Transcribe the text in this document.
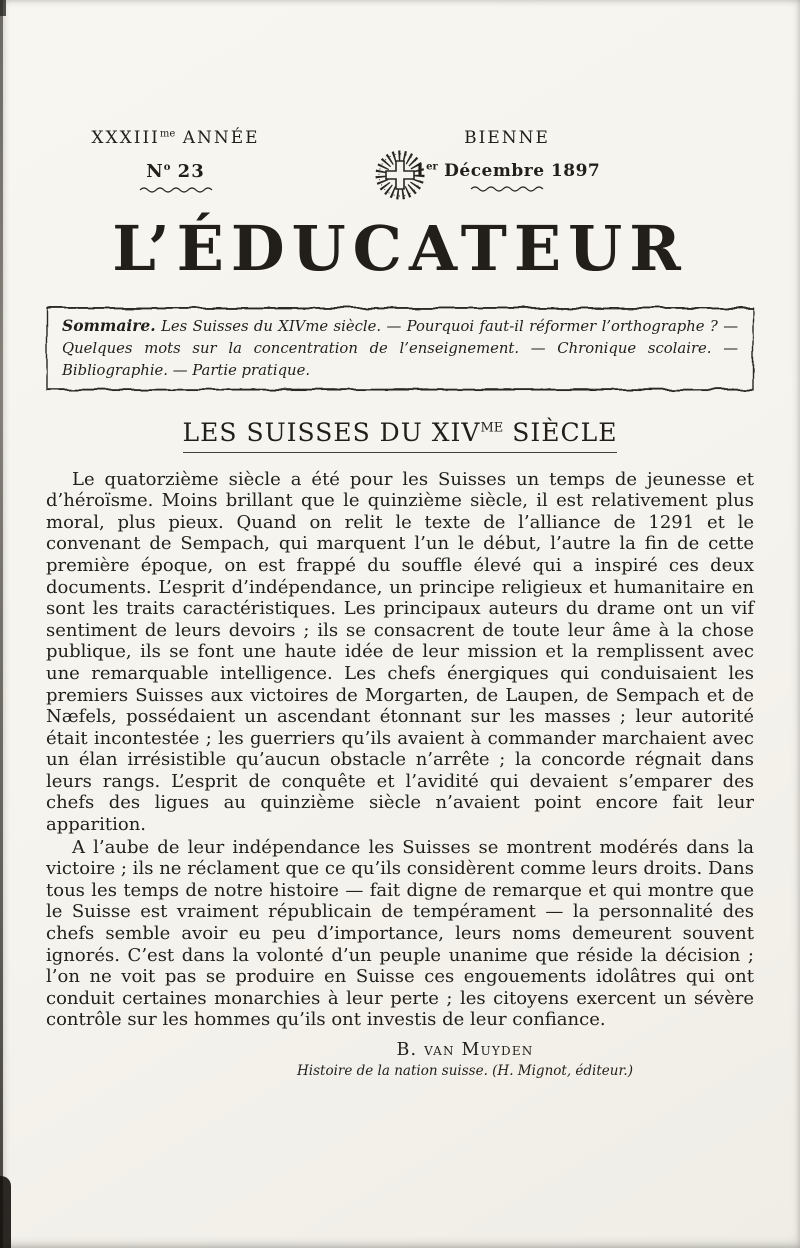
$XXXIII^{me}$ ANNÉE
$N^o$ 23
BIENNE
1er Décembre 1897
L’ÉDUCATEUR

Sommaire. Les Suisses du XIVme siècle. — Pourquoi faut-il réformer l’orthographe ? — Quelques mots sur la concentration de l’enseignement. — Chronique scolaire. — Bibliographie. — Partie pratique.

LES SUISSES DU $XIV^{ME}$ SIÈCLE

Le quatorzième siècle a été pour les Suisses un temps de jeunesse et d’héroïsme. Moins brillant que le quinzième siècle, il est relativement plus moral, plus pieux. Quand on relit le texte de l’alliance de 1291 et le convenant de Sempach, qui marquent l’un le début, l’autre la fin de cette première époque, on est frappé du souffle élevé qui a inspiré ces deux documents. L’esprit d’indépendance, un principe religieux et humanitaire en sont les traits caractéristiques. Les principaux auteurs du drame ont un vif sentiment de leurs devoirs ; ils se consacrent de toute leur âme à la chose publique, ils se font une haute idée de leur mission et la remplissent avec une remarquable intelligence. Les chefs énergiques qui conduisaient les premiers Suisses aux victoires de Morgarten, de Laupen, de Sempach et de Næfels, possédaient un ascendant étonnant sur les masses ; leur autorité était incontestée ; les guerriers qu’ils avaient à commander marchaient avec un élan irrésistible qu’aucun obstacle n’arrête ; la concorde régnait dans leurs rangs. L’esprit de conquête et l’avidité qui devaient s’emparer des chefs des ligues au quinzième siècle n’avaient point encore fait leur apparition.

A l’aube de leur indépendance les Suisses se montrent modérés dans la victoire ; ils ne réclament que ce qu’ils considèrent comme leurs droits. Dans tous les temps de notre histoire — fait digne de remarque et qui montre que le Suisse est vraiment républicain de tempérament — la personnalité des chefs semble avoir eu peu d’importance, leurs noms demeurent souvent ignorés. C’est dans la volonté d’un peuple unanime que réside la décision ; l’on ne voit pas se produire en Suisse ces engouements idolâtres qui ont conduit certaines monarchies à leur perte ; les citoyens exercent un sévère contrôle sur les hommes qu’ils ont investis de leur confiance.

B. van Muyden
Histoire de la nation suisse. (H. Mignot, éditeur.)
